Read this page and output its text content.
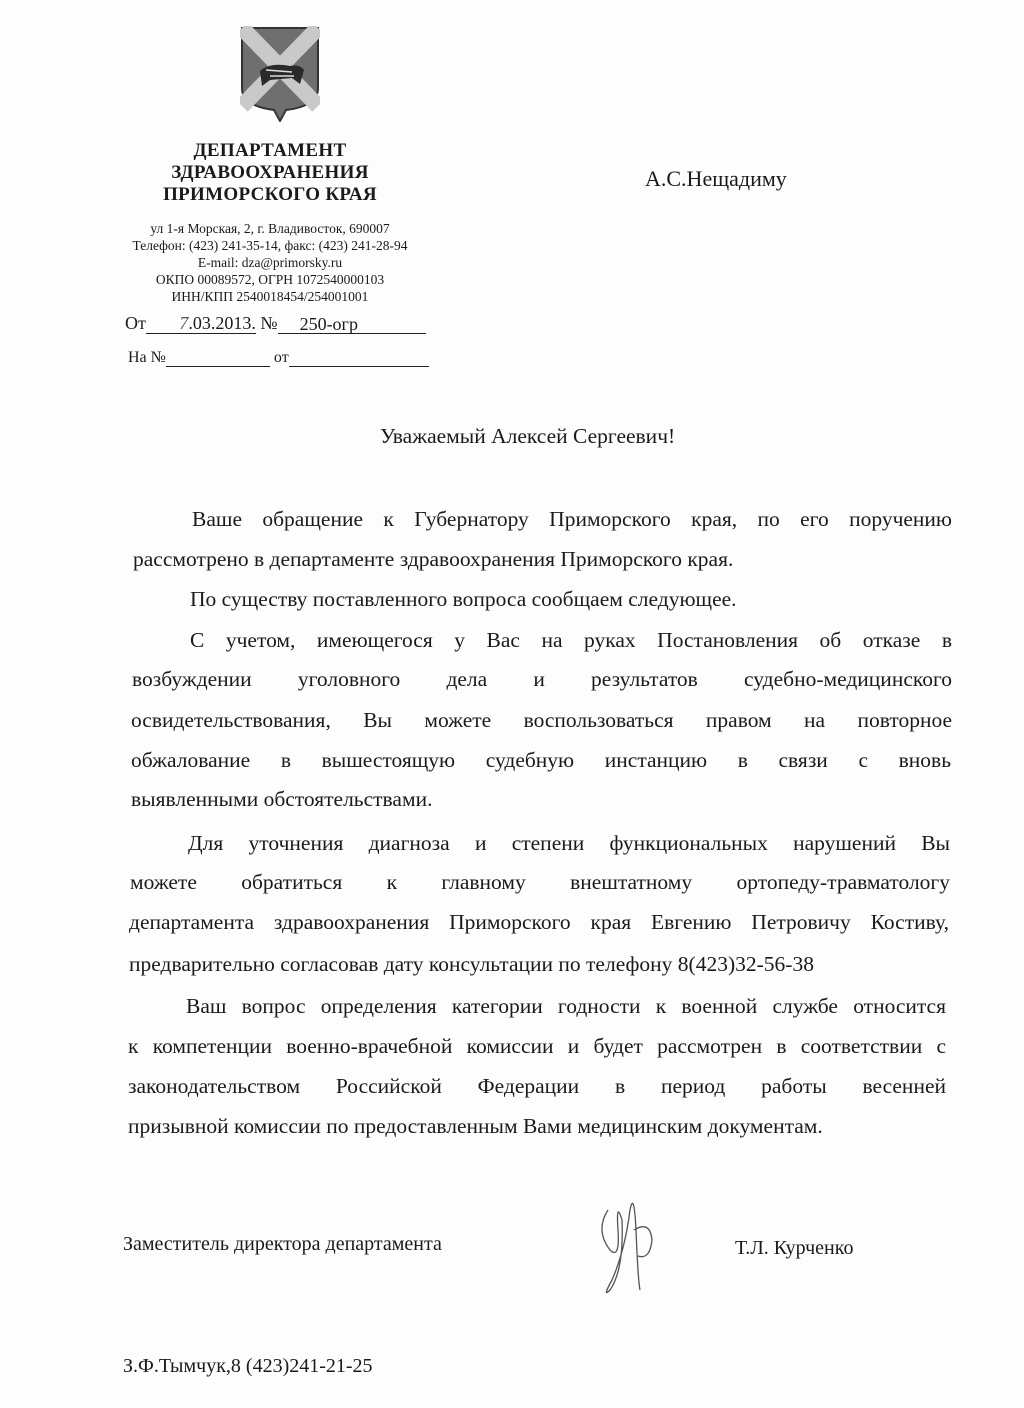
ДЕПАРТАМЕНТ
ЗДРАВООХРАНЕНИЯ
ПРИМОРСКОГО КРАЯ
ул 1-я Морская, 2, г. Владивосток, 690007
Телефон: (423) 241-35-14, факс: (423) 241-28-94
E-mail: dza@primorsky.ru
ОКПО 00089572, ОГРН 1072540000103
ИНН/КПП 2540018454/254001001
От 7.03.2013. № 250-огр
На №	от
А.С.Нещадиму
Уважаемый Алексей Сергеевич!
Ваше обращение к Губернатору Приморского края, по его поручению
рассмотрено в департаменте здравоохранения Приморского края.
По существу поставленного вопроса сообщаем следующее.
С учетом, имеющегося у Вас на руках Постановления об отказе в
возбуждении уголовного дела и результатов судебно-медицинского
освидетельствования, Вы можете воспользоваться правом на повторное
обжалование в вышестоящую судебную инстанцию в связи с вновь
выявленными обстоятельствами.
Для уточнения диагноза и степени функциональных нарушений Вы
можете обратиться к главному внештатному ортопеду-травматологу
департамента здравоохранения Приморского края Евгению Петровичу Костиву,
предварительно согласовав дату консультации по телефону 8(423)32-56-38
Ваш вопрос определения категории годности к военной службе относится
к компетенции военно-врачебной комиссии и будет рассмотрен в соответствии с
законодательством Российской Федерации в период работы весенней
призывной комиссии по предоставленным Вами медицинским документам.
Заместитель директора департамента	Т.Л. Курченко
З.Ф.Тымчук,8 (423)241-21-25
